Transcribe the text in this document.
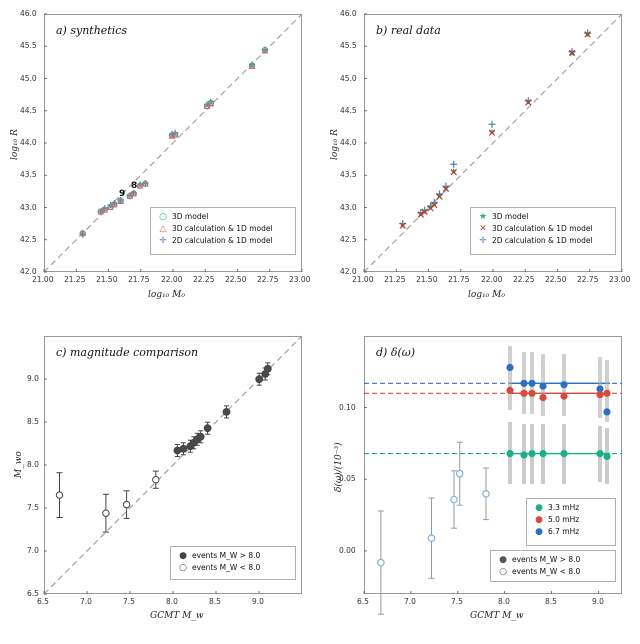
a) synthetics
9
8
42.0
42.5
43.0
43.5
44.0
44.5
45.0
45.5
46.0
21.00 21.25 21.50 21.75 22.00 22.25 22.50 22.75 23.00
log₁₀ M₀
log₁₀ R
○ 3D model
△ 3D calculation & 1D model
✛ 2D calculation & 1D model
b) real data
42.0
42.5
43.0
43.5
44.0
44.5
45.0
45.5
46.0
21.00 21.25 21.50 21.75 22.00 22.25 22.50 22.75 23.00
log₁₀ M₀
log₁₀ R
★ 3D model
✕ 3D calculation & 1D model
✛ 2D calculation & 1D model
c) magnitude comparison
6.5
7.0
7.5
8.0
8.5
9.0
6.5	7.0	7.5	8.0	8.5	9.0
GCMT M_w
M_wo
● events M_W > 8.0
○ events M_W < 8.0
d) δ(ω)
0.00
0.05
0.10
6.5	7.0	7.5	8.0	8.5	9.0
GCMT M_w
δ(ω)/(10⁻³)
● 3.3 mHz
● 5.0 mHz
● 6.7 mHz
● events M_W > 8.0
○ events M_W < 8.0
